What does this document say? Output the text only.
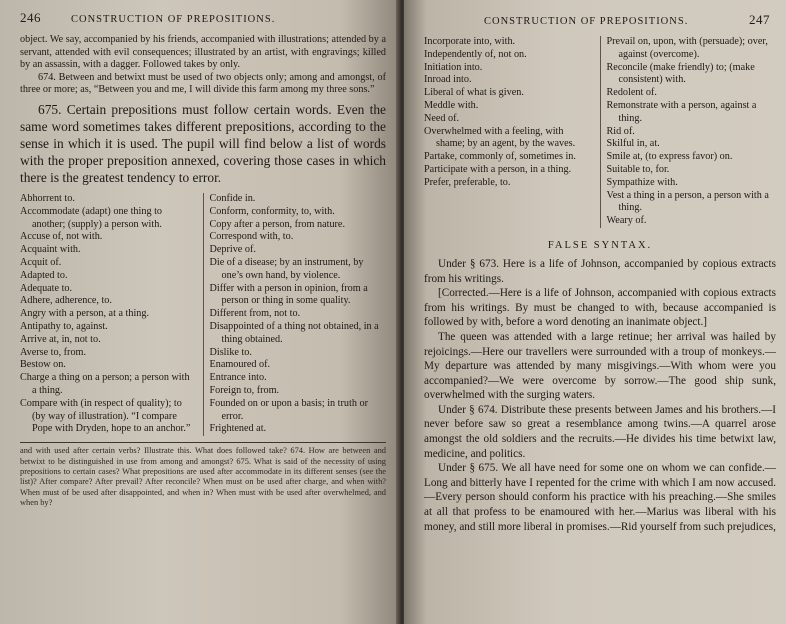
246	CONSTRUCTION OF PREPOSITIONS.

object. We say, accompanied by his friends, accompanied with illustrations; attended by a servant, attended with evil consequences; illustrated by an artist, with engravings; killed by an assassin, with a dagger. Followed takes by only.

674. Between and betwixt must be used of two objects only; among and amongst, of three or more; as, “Between you and me, I will divide this farm among my three sons.”

675. Certain prepositions must follow certain words. Even the same word sometimes takes different prepositions, according to the sense in which it is used. The pupil will find below a list of words with the proper preposition annexed, covering those cases in which there is the greatest tendency to error.

Abhorrent to.
Accommodate (adapt) one thing to another; (supply) a person with.
Accuse of, not with.
Acquaint with.
Acquit of.
Adapted to.
Adequate to.
Adhere, adherence, to.
Angry with a person, at a thing.
Antipathy to, against.
Arrive at, in, not to.
Averse to, from.
Bestow on.
Charge a thing on a person; a person with a thing.
Compare with (in respect of quality); to (by way of illustration). “I compare Pope with Dryden, hope to an anchor.”
Confide in.
Conform, conformity, to, with.
Copy after a person, from nature.
Correspond with, to.
Deprive of.
Die of a disease; by an instrument, by one’s own hand, by violence.
Differ with a person in opinion, from a person or thing in some quality.
Different from, not to.
Disappointed of a thing not obtained, in a thing obtained.
Dislike to.
Enamoured of.
Entrance into.
Foreign to, from.
Founded on or upon a basis; in truth or error.
Frightened at.

and with used after certain verbs? Illustrate this. What does followed take? 674. How are between and betwixt to be distinguished in use from among and amongst? 675. What is said of the necessity of using prepositions to certain cases? What prepositions are used after accommodate in its different senses (see the list)? After compare? After prevail? After reconcile? When must on be used after charge, and when with? When must of be used after disappointed, and when in? When must with be used after overwhelmed, and when by?

CONSTRUCTION OF PREPOSITIONS.	247
Incorporate into, with.
Independently of, not on.
Initiation into.
Inroad into.
Liberal of what is given.
Meddle with.
Need of.
Overwhelmed with a feeling, with shame; by an agent, by the waves.
Partake, commonly of, sometimes in.
Participate with a person, in a thing.
Prefer, preferable, to.
Prevail on, upon, with (persuade); over, against (overcome).
Reconcile (make friendly) to; (make consistent) with.
Redolent of.
Remonstrate with a person, against a thing.
Rid of.
Skilful in, at.
Smile at, (to express favor) on.
Suitable to, for.
Sympathize with.
Vest a thing in a person, a person with a thing.
Weary of.
FALSE SYNTAX.

Under § 673. Here is a life of Johnson, accompanied by copious extracts from his writings.

[Corrected.—Here is a life of Johnson, accompanied with copious extracts from his writings. By must be changed to with, because accompanied is followed by with, before a word denoting an inanimate object.]

The queen was attended with a large retinue; her arrival was hailed by rejoicings.—Here our travellers were surrounded with a troup of monkeys.—My departure was attended by many misgivings.—With whom were you accompanied?—We were overcome by sorrow.—The good ship sunk, overwhelmed with the surging waters.

Under § 674. Distribute these presents between James and his brothers.—I never before saw so great a resemblance among twins.—A quarrel arose amongst the old soldiers and the recruits.—He divides his time betwixt law, medicine, and politics.

Under § 675. We all have need for some one on whom we can confide.—Long and bitterly have I repented for the crime with which I am now accused.—Every person should conform his practice with his preaching.—She smiles at all that profess to be enamoured with her.—Marius was liberal with his money, and still more liberal in promises.—Rid yourself from such prejudices,
